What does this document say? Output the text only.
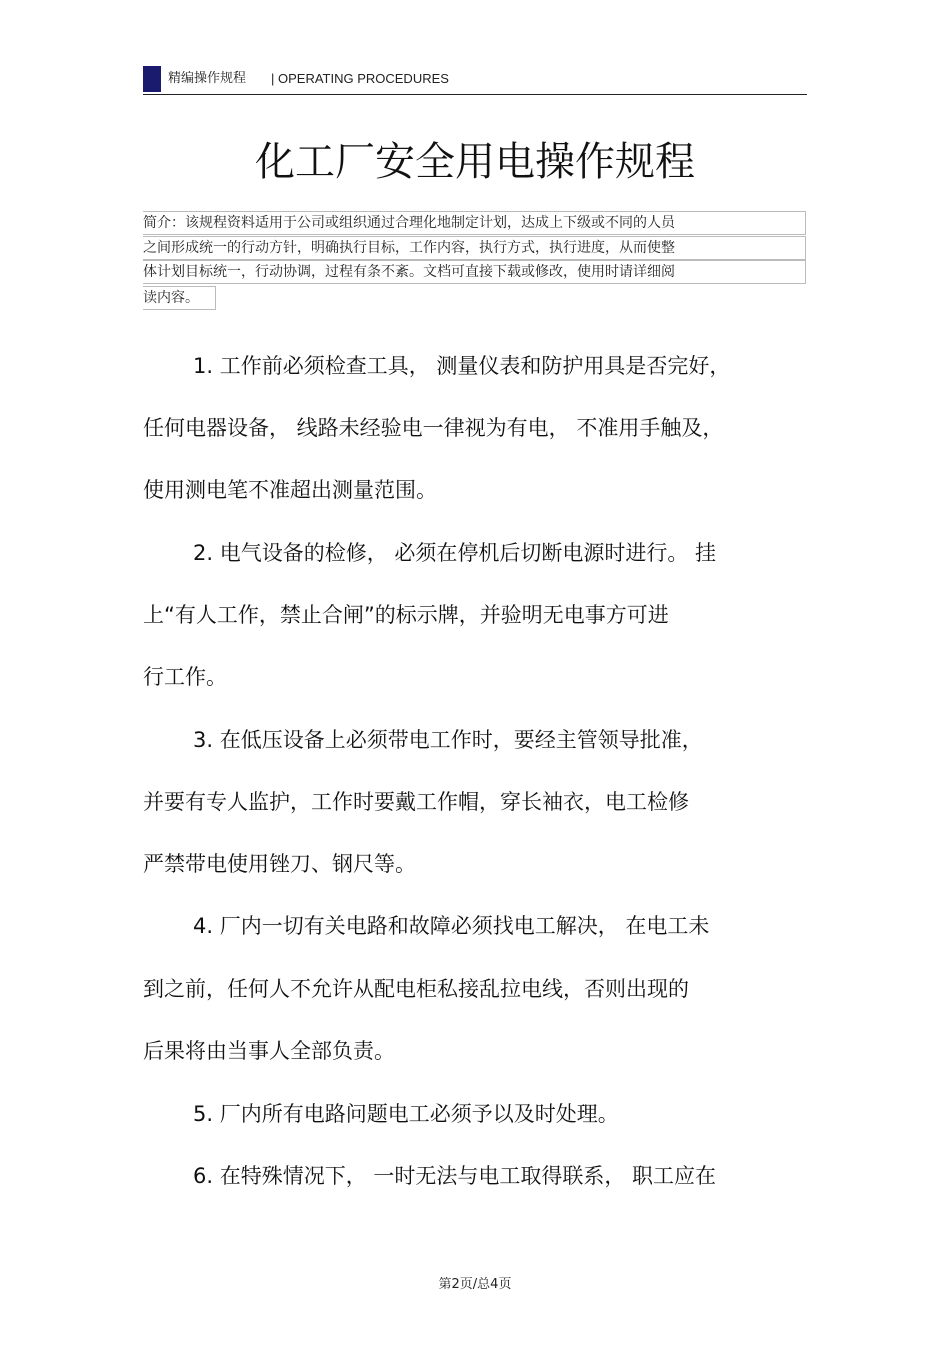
精编操作规程 | OPERATING PROCEDURES
化工厂安全用电操作规程
简介：该规程资料适用于公司或组织通过合理化地制定计划，达成上下级或不同的人员
之间形成统一的行动方针，明确执行目标，工作内容，执行方式，执行进度，从而使整
体计划目标统一，行动协调，过程有条不紊。文档可直接下载或修改，使用时请详细阅
读内容。
1. 工作前必须检查工具， 测量仪表和防护用具是否完好，
任何电器设备， 线路未经验电一律视为有电， 不准用手触及，
使用测电笔不准超出测量范围。
2. 电气设备的检修， 必须在停机后切断电源时进行。 挂
上“有人工作，禁止合闸”的标示牌，并验明无电事方可进
行工作。
3. 在低压设备上必须带电工作时，要经主管领导批准，
并要有专人监护，工作时要戴工作帽，穿长袖衣，电工检修
严禁带电使用锉刀、钢尺等。
4. 厂内一切有关电路和故障必须找电工解决， 在电工未
到之前，任何人不允许从配电柜私接乱拉电线，否则出现的
后果将由当事人全部负责。
5. 厂内所有电路问题电工必须予以及时处理。
6. 在特殊情况下， 一时无法与电工取得联系， 职工应在
第2页/总4页
